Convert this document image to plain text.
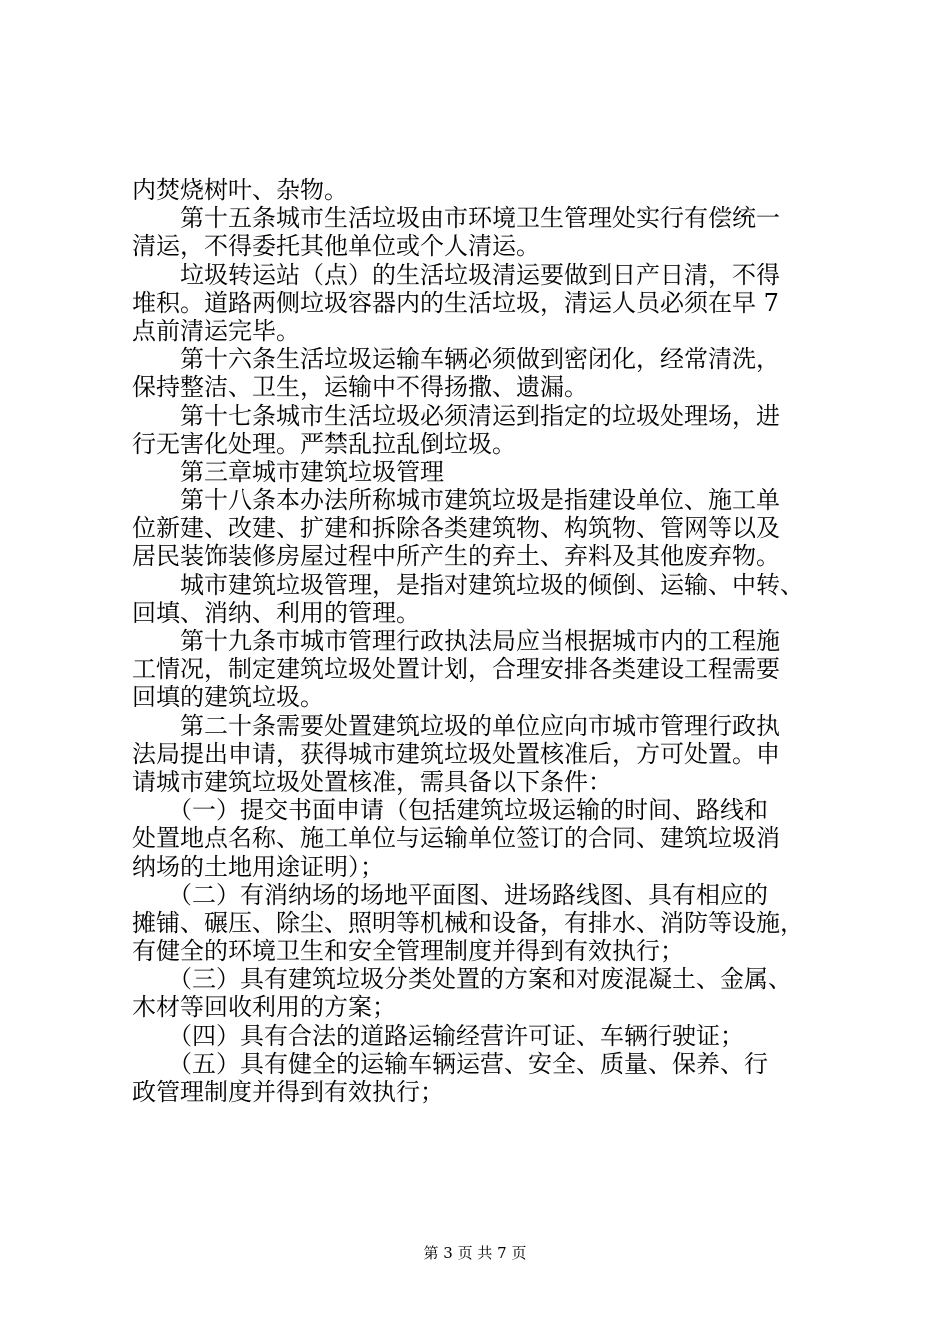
内焚烧树叶、杂物。
　　第十五条城市生活垃圾由市环境卫生管理处实行有偿统一
清运，不得委托其他单位或个人清运。
　　垃圾转运站（点）的生活垃圾清运要做到日产日清，不得
堆积。道路两侧垃圾容器内的生活垃圾，清运人员必须在早 7
点前清运完毕。
　　第十六条生活垃圾运输车辆必须做到密闭化，经常清洗，
保持整洁、卫生，运输中不得扬撒、遗漏。
　　第十七条城市生活垃圾必须清运到指定的垃圾处理场，进
行无害化处理。严禁乱拉乱倒垃圾。
　　第三章城市建筑垃圾管理
　　第十八条本办法所称城市建筑垃圾是指建设单位、施工单
位新建、改建、扩建和拆除各类建筑物、构筑物、管网等以及
居民装饰装修房屋过程中所产生的弃土、弃料及其他废弃物。
　　城市建筑垃圾管理，是指对建筑垃圾的倾倒、运输、中转、
回填、消纳、利用的管理。
　　第十九条市城市管理行政执法局应当根据城市内的工程施
工情况，制定建筑垃圾处置计划，合理安排各类建设工程需要
回填的建筑垃圾。
　　第二十条需要处置建筑垃圾的单位应向市城市管理行政执
法局提出申请，获得城市建筑垃圾处置核准后，方可处置。申
请城市建筑垃圾处置核准，需具备以下条件：
　　（一）提交书面申请（包括建筑垃圾运输的时间、路线和
处置地点名称、施工单位与运输单位签订的合同、建筑垃圾消
纳场的土地用途证明）；
　　（二）有消纳场的场地平面图、进场路线图、具有相应的
摊铺、碾压、除尘、照明等机械和设备，有排水、消防等设施，
有健全的环境卫生和安全管理制度并得到有效执行；
　　（三）具有建筑垃圾分类处置的方案和对废混凝土、金属、
木材等回收利用的方案；
　　（四）具有合法的道路运输经营许可证、车辆行驶证；
　　（五）具有健全的运输车辆运营、安全、质量、保养、行
政管理制度并得到有效执行；
第 3 页 共 7 页
